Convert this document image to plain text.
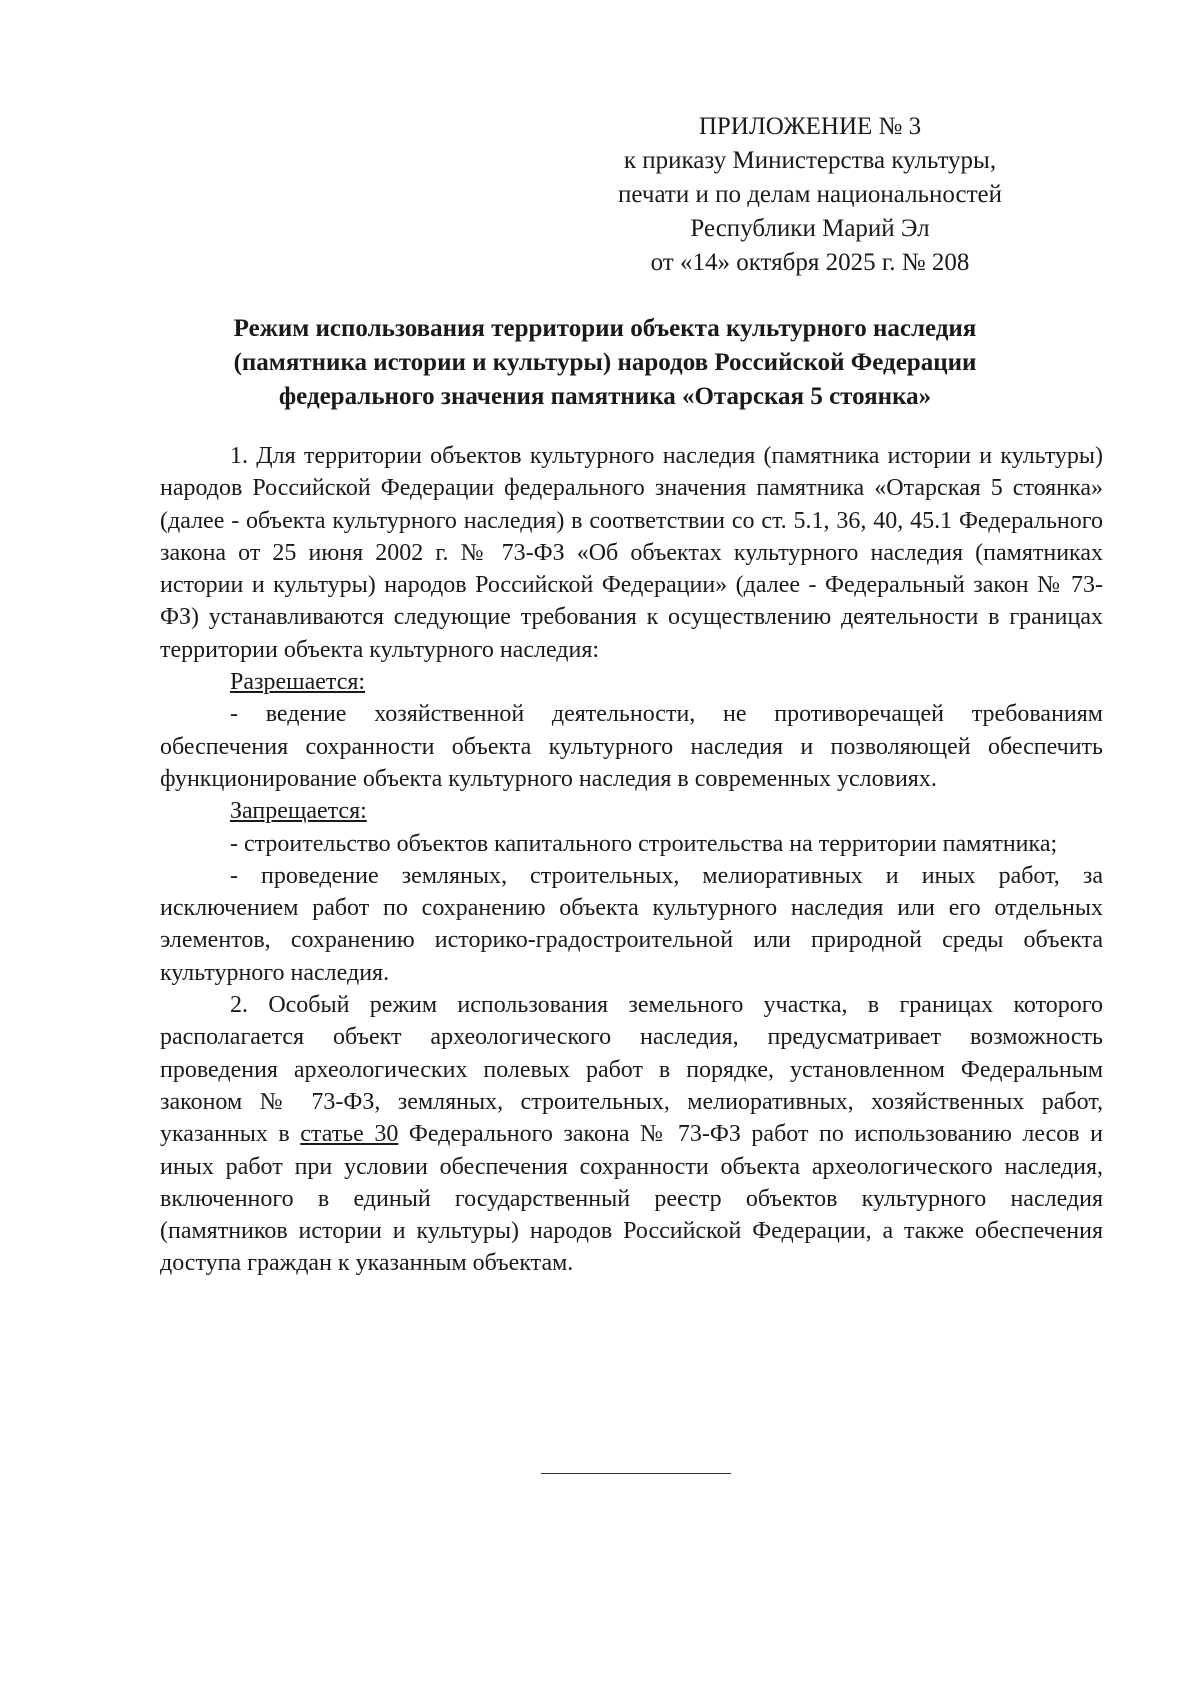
ПРИЛОЖЕНИЕ № 3
к приказу Министерства культуры,
печати и по делам национальностей
Республики Марий Эл
от «14» октября 2025 г. № 208
Режим использования территории объекта культурного наследия
(памятника истории и культуры) народов Российской Федерации
федерального значения памятника «Отарская 5 стоянка»

1. Для территории объектов культурного наследия (памятника истории и культуры) народов Российской Федерации федерального значения памятника «Отарская 5 стоянка» (далее - объекта культурного наследия) в соответствии со ст. 5.1, 36, 40, 45.1 Федерального закона от 25 июня 2002 г. № 73-ФЗ «Об объектах культурного наследия (памятниках истории и культуры) народов Российской Федерации» (далее - Федеральный закон № 73-ФЗ) устанавливаются следующие требования к осуществлению деятельности в границах территории объекта культурного наследия:

Разрешается:

- ведение хозяйственной деятельности, не противоречащей требованиям обеспечения сохранности объекта культурного наследия и позволяющей обеспечить функционирование объекта культурного наследия в современных условиях.

Запрещается:

- строительство объектов капитального строительства на территории памятника;

- проведение земляных, строительных, мелиоративных и иных работ, за исключением работ по сохранению объекта культурного наследия или его отдельных элементов, сохранению историко-градостроительной или природной среды объекта культурного наследия.

2. Особый режим использования земельного участка, в границах которого располагается объект археологического наследия, предусматривает возможность проведения археологических полевых работ в порядке, установленном Федеральным законом № 73-ФЗ, земляных, строительных, мелиоративных, хозяйственных работ, указанных в статье 30 Федерального закона № 73-ФЗ работ по использованию лесов и иных работ при условии обеспечения сохранности объекта археологического наследия, включенного в единый государственный реестр объектов культурного наследия (памятников истории и культуры) народов Российской Федерации, а также обеспечения доступа граждан к указанным объектам.
